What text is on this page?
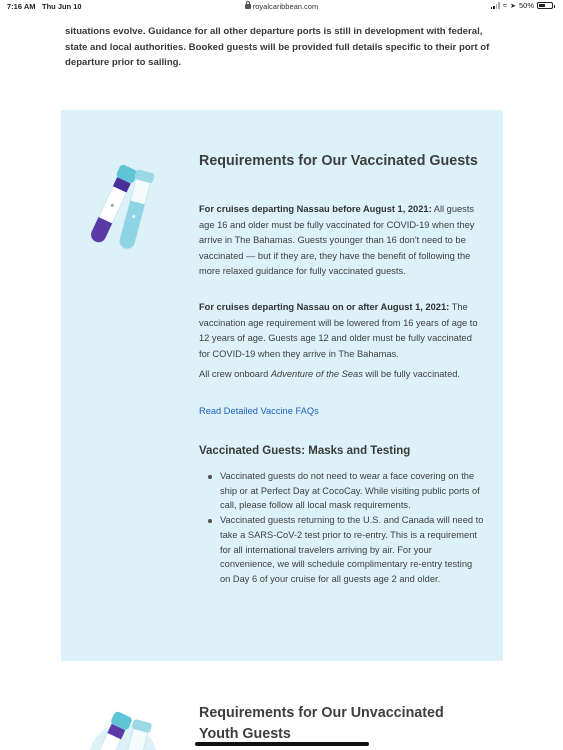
7:16 AM Thu Jun 10	royalcaribbean.com	≈ ➤ 50%

situations evolve. Guidance for all other departure ports is still in development with federal, state and local authorities. Booked guests will be provided full details specific to their port of departure prior to sailing.

Requirements for Our Vaccinated Guests

For cruises departing Nassau before August 1, 2021: All guests age 16 and older must be fully vaccinated for COVID-19 when they arrive in The Bahamas. Guests younger than 16 don't need to be vaccinated — but if they are, they have the benefit of following the more relaxed guidance for fully vaccinated guests.

For cruises departing Nassau on or after August 1, 2021: The vaccination age requirement will be lowered from 16 years of age to 12 years of age. Guests age 12 and older must be fully vaccinated for COVID-19 when they arrive in The Bahamas.

All crew onboard Adventure of the Seas will be fully vaccinated.

Read Detailed Vaccine FAQs
Vaccinated Guests: Masks and Testing
Vaccinated guests do not need to wear a face covering on the ship or at Perfect Day at CocoCay. While visiting public ports of call, please follow all local mask requirements.
Vaccinated guests returning to the U.S. and Canada will need to take a SARS-CoV-2 test prior to re-entry. This is a requirement for all international travelers arriving by air. For your convenience, we will schedule complimentary re-entry testing on Day 6 of your cruise for all guests age 2 and older.
Requirements for Our Unvaccinated Youth Guests
